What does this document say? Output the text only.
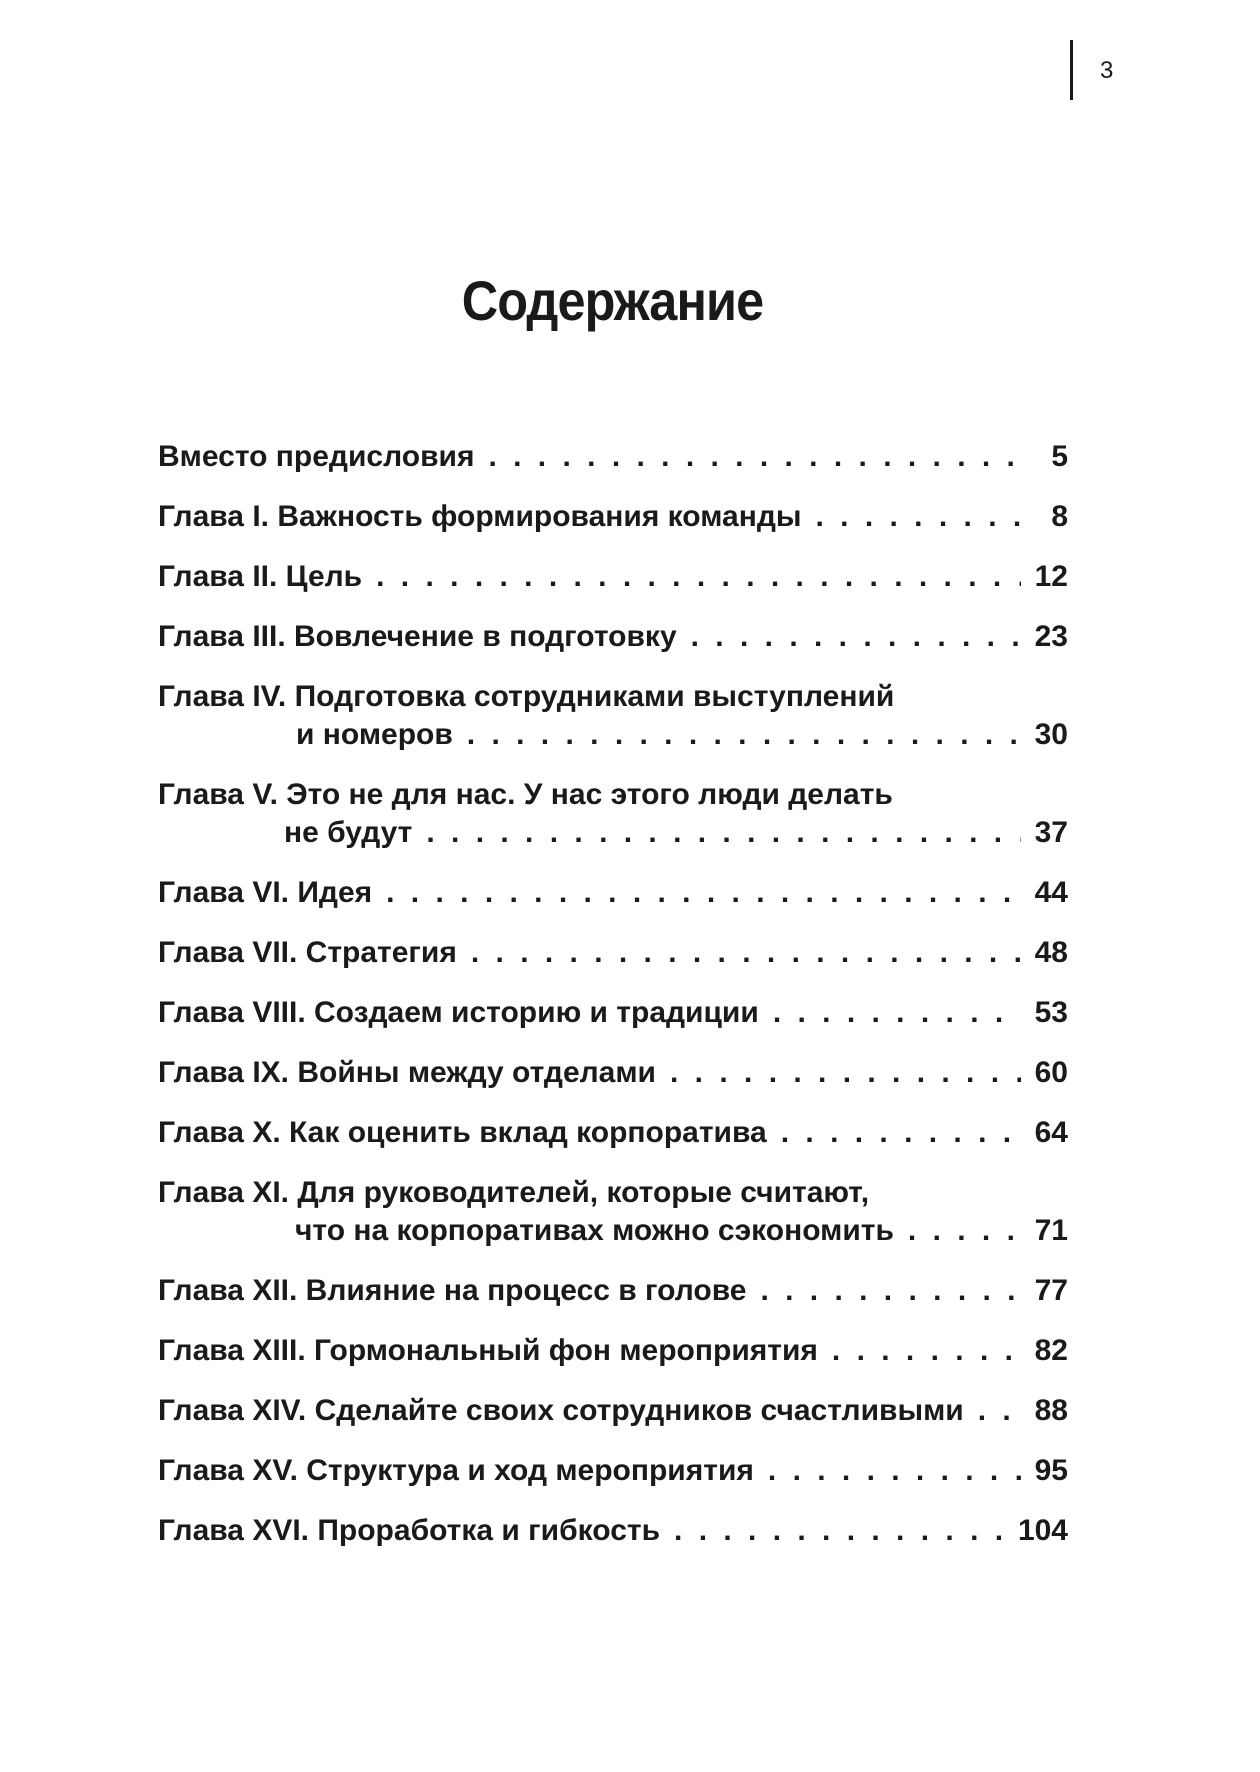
3
Содержание
Вместо предисловия . . .	5
Глава I. Важность формирования команды . . .	8
Глава II. Цель . . .	12
Глава III. Вовлечение в подготовку . . .	23
Глава IV. Подготовка сотрудниками выступлений
и номеров . . .	30
Глава V. Это не для нас. У нас этого люди делать
не будут . . .	37
Глава VI. Идея . . .	44
Глава VII. Стратегия . . .	48
Глава VIII. Создаем историю и традиции . . .	53
Глава IX. Войны между отделами . . .	60
Глава X. Как оценить вклад корпоратива . . .	64
Глава XI. Для руководителей, которые считают,
что на корпоративах можно сэкономить . . .	71
Глава XII. Влияние на процесс в голове . . .	77
Глава XIII. Гормональный фон мероприятия . . .	82
Глава XIV. Сделайте своих сотрудников счастливыми . . . 88
Глава XV. Структура и ход мероприятия . . .	95
Глава XVI. Проработка и гибкость . . .	104
